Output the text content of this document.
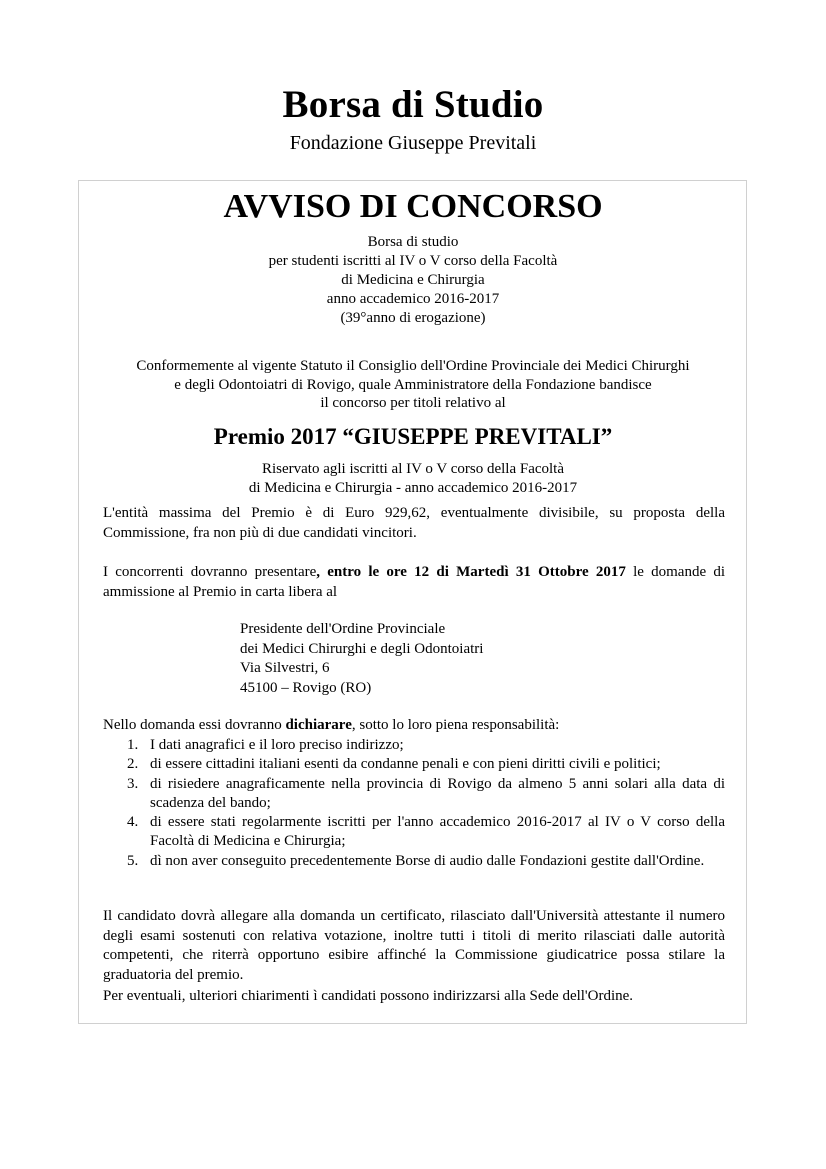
Borsa di Studio
Fondazione Giuseppe Previtali
AVVISO DI CONCORSO
Borsa di studio
per studenti iscritti al IV o V corso della Facoltà
di Medicina e Chirurgia
anno accademico 2016-2017
(39°anno di erogazione)
Conformemente al vigente Statuto il Consiglio dell'Ordine Provinciale dei Medici Chirurghi
e degli Odontoiatri di Rovigo, quale Amministratore della Fondazione bandisce
il concorso per titoli relativo al
Premio 2017 “GIUSEPPE PREVITALI”
Riservato agli iscritti al IV o V corso della Facoltà
di Medicina e Chirurgia - anno accademico 2016-2017
L'entità massima del Premio è di Euro 929,62, eventualmente divisibile, su proposta della Commissione, fra non più di due candidati vincitori.
I concorrenti dovranno presentare, entro le ore 12 di Martedì 31 Ottobre 2017 le domande di ammissione al Premio in carta libera al
Presidente dell'Ordine Provinciale
dei Medici Chirurghi e degli Odontoiatri
Via Silvestri, 6
45100 – Rovigo (RO)
Nello domanda essi dovranno dichiarare, sotto lo loro piena responsabilità:
1. I dati anagrafici e il loro preciso indirizzo;
2. di essere cittadini italiani esenti da condanne penali e con pieni diritti civili e politici;
3. di risiedere anagraficamente nella provincia di Rovigo da almeno 5 anni solari alla data di scadenza del bando;
4. di essere stati regolarmente iscritti per l'anno accademico 2016-2017 al IV o V corso della Facoltà di Medicina e Chirurgia;
5. dì non aver conseguito precedentemente Borse di audio dalle Fondazioni gestite dall'Ordine.
Il candidato dovrà allegare alla domanda un certificato, rilasciato dall'Università attestante il numero degli esami sostenuti con relativa votazione, inoltre tutti i titoli di merito rilasciati dalle autorità competenti, che riterrà opportuno esibire affinché la Commissione giudicatrice possa stilare la graduatoria del premio.
Per eventuali, ulteriori chiarimenti ì candidati possono indirizzarsi alla Sede dell'Ordine.
